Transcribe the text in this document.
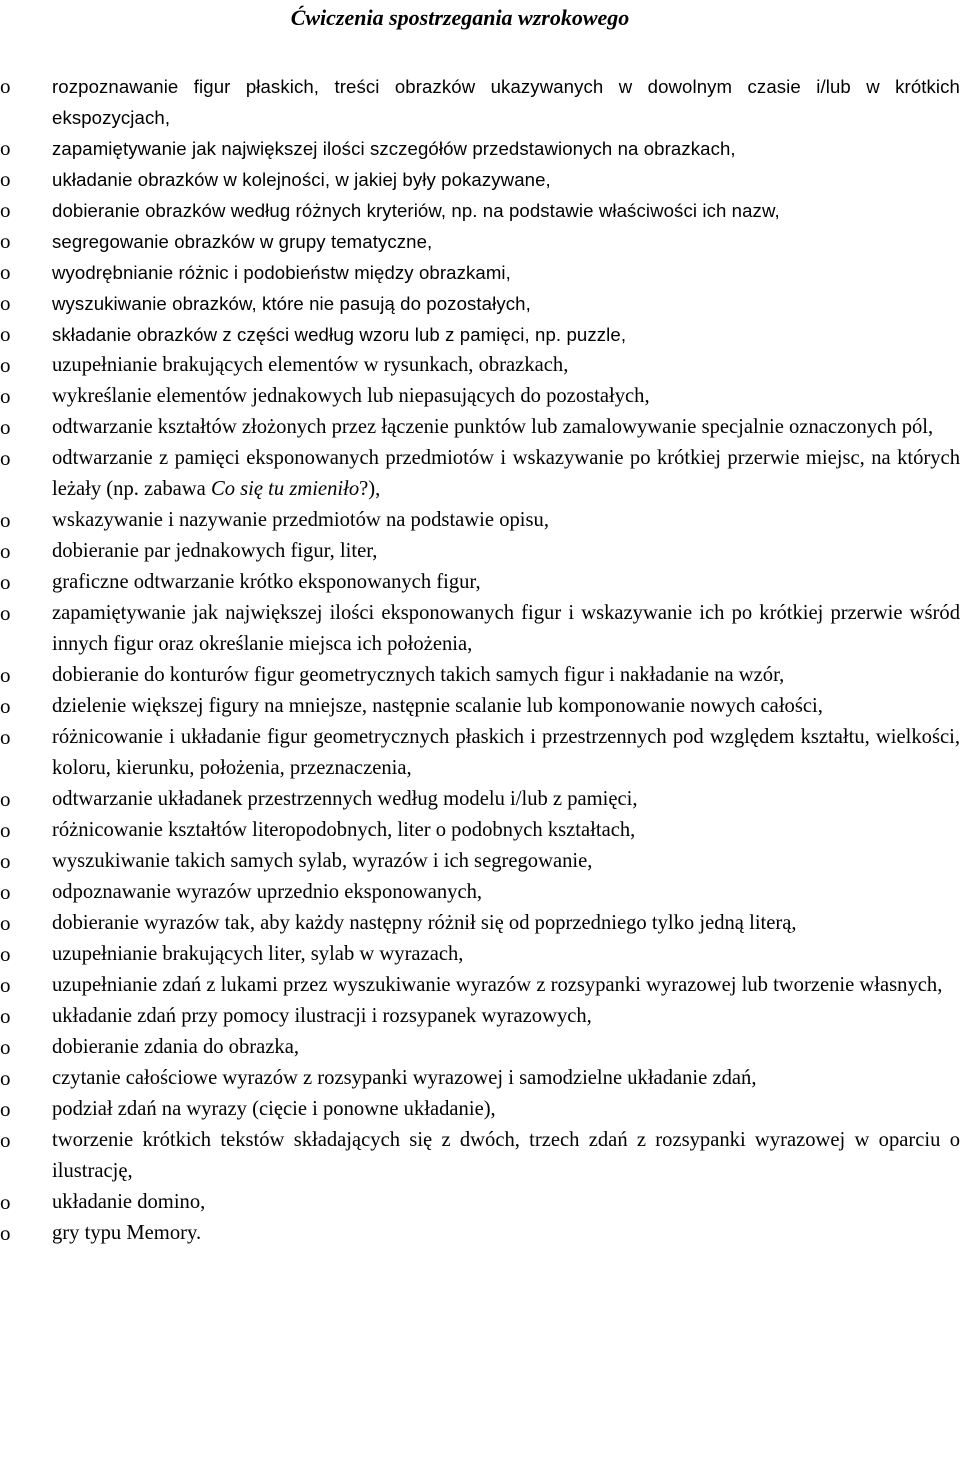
Ćwiczenia spostrzegania wzrokowego
o rozpoznawanie figur płaskich, treści obrazków ukazywanych w dowolnym czasie i/lub w krótkich ekspozycjach,
o zapamiętywanie jak największej ilości szczegółów przedstawionych na obrazkach,
o układanie obrazków w kolejności, w jakiej były pokazywane,
o dobieranie obrazków według różnych kryteriów, np. na podstawie właściwości ich nazw,
o segregowanie obrazków w grupy tematyczne,
o wyodrębnianie różnic i podobieństw między obrazkami,
o wyszukiwanie obrazków, które nie pasują do pozostałych,
o składanie obrazków z części według wzoru lub z pamięci, np. puzzle,
o uzupełnianie brakujących elementów w rysunkach, obrazkach,
o wykreślanie elementów jednakowych lub niepasujących do pozostałych,
o odtwarzanie kształtów złożonych przez łączenie punktów lub zamalowywanie specjalnie oznaczonych pól,
o odtwarzanie z pamięci eksponowanych przedmiotów i wskazywanie po krótkiej przerwie miejsc, na których leżały (np. zabawa Co się tu zmieniło?),
o wskazywanie i nazywanie przedmiotów na podstawie opisu,
o dobieranie par jednakowych figur, liter,
o graficzne odtwarzanie krótko eksponowanych figur,
o zapamiętywanie jak największej ilości eksponowanych figur i wskazywanie ich po krótkiej przerwie wśród innych figur oraz określanie miejsca ich położenia,
o dobieranie do konturów figur geometrycznych takich samych figur i nakładanie na wzór,
o dzielenie większej figury na mniejsze, następnie scalanie lub komponowanie nowych całości,
o różnicowanie i układanie figur geometrycznych płaskich i przestrzennych pod względem kształtu, wielkości, koloru, kierunku, położenia, przeznaczenia,
o odtwarzanie układanek przestrzennych według modelu i/lub z pamięci,
o różnicowanie kształtów literopodobnych, liter o podobnych kształtach,
o wyszukiwanie takich samych sylab, wyrazów i ich segregowanie,
o odpoznawanie wyrazów uprzednio eksponowanych,
o dobieranie wyrazów tak, aby każdy następny różnił się od poprzedniego tylko jedną literą,
o uzupełnianie brakujących liter, sylab w wyrazach,
o uzupełnianie zdań z lukami przez wyszukiwanie wyrazów z rozsypanki wyrazowej lub tworzenie własnych,
o układanie zdań przy pomocy ilustracji i rozsypanek wyrazowych,
o dobieranie zdania do obrazka,
o czytanie całościowe wyrazów z rozsypanki wyrazowej i samodzielne układanie zdań,
o podział zdań na wyrazy (cięcie i ponowne układanie),
o tworzenie krótkich tekstów składających się z dwóch, trzech zdań z rozsypanki wyrazowej w oparciu o ilustrację,
o układanie domino,
o gry typu Memory.
